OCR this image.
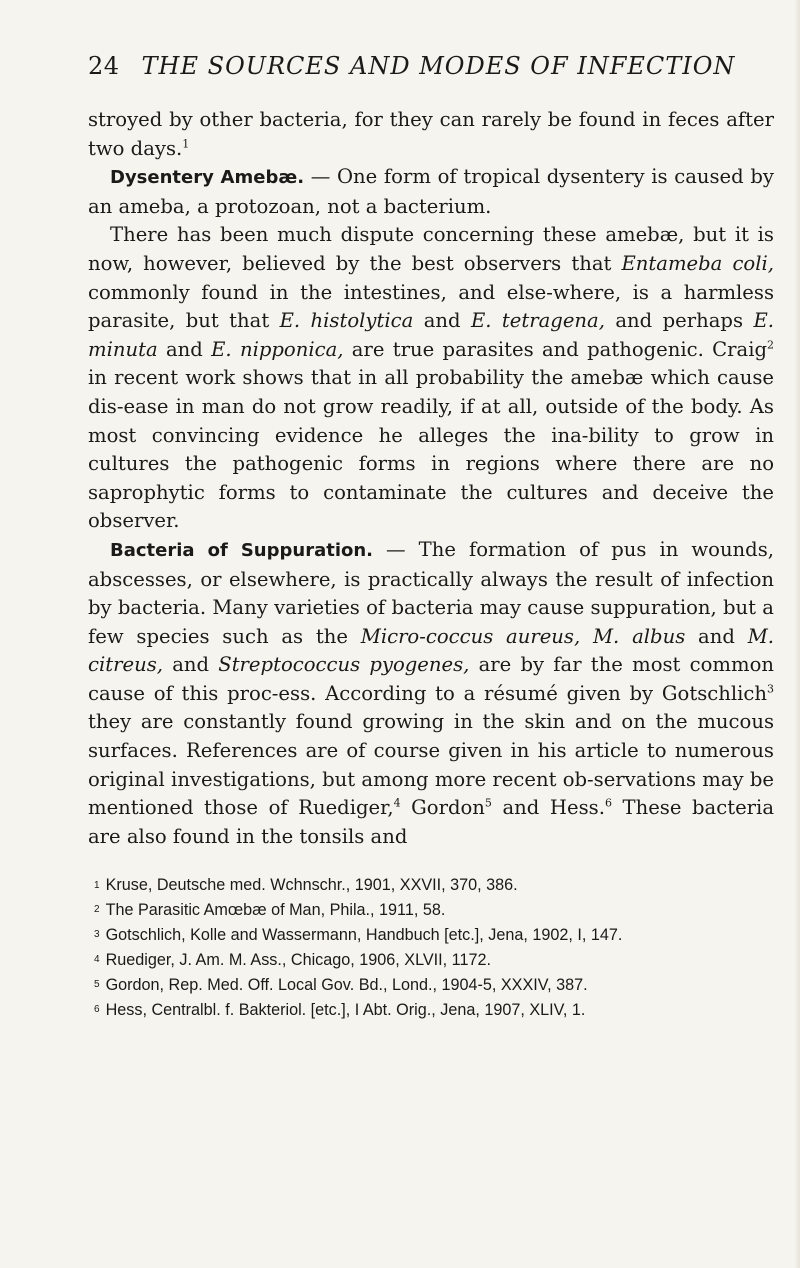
24 THE SOURCES AND MODES OF INFECTION

stroyed by other bacteria, for they can rarely be found in feces after two days.$^1$

Dysentery Amebæ. — One form of tropical dysentery is caused by an ameba, a protozoan, not a bacterium.

There has been much dispute concerning these amebæ, but it is now, however, believed by the best observers that Entameba coli, commonly found in the intestines, and else-where, is a harmless parasite, but that E. histolytica and E. tetragena, and perhaps E. minuta and E. nipponica, are true parasites and pathogenic. Craig$^2$ in recent work shows that in all probability the amebæ which cause dis-ease in man do not grow readily, if at all, outside of the body. As most convincing evidence he alleges the ina-bility to grow in cultures the pathogenic forms in regions where there are no saprophytic forms to contaminate the cultures and deceive the observer.

Bacteria of Suppuration. — The formation of pus in wounds, abscesses, or elsewhere, is practically always the result of infection by bacteria. Many varieties of bacteria may cause suppuration, but a few species such as the Micro-coccus aureus, M. albus and M. citreus, and Streptococcus pyogenes, are by far the most common cause of this proc-ess. According to a résumé given by Gotschlich$^3$ they are constantly found growing in the skin and on the mucous surfaces. References are of course given in his article to numerous original investigations, but among more recent ob-servations may be mentioned those of Ruediger,$^4$ Gordon$^5$ and Hess.$^6$ These bacteria are also found in the tonsils and

1 Kruse, Deutsche med. Wchnschr., 1901, XXVII, 370, 386.

2 The Parasitic Amœbæ of Man, Phila., 1911, 58.

3 Gotschlich, Kolle and Wassermann, Handbuch [etc.], Jena, 1902, I, 147.

4 Ruediger, J. Am. M. Ass., Chicago, 1906, XLVII, 1172.

5 Gordon, Rep. Med. Off. Local Gov. Bd., Lond., 1904-5, XXXIV, 387.

6 Hess, Centralbl. f. Bakteriol. [etc.], I Abt. Orig., Jena, 1907, XLIV, 1.
